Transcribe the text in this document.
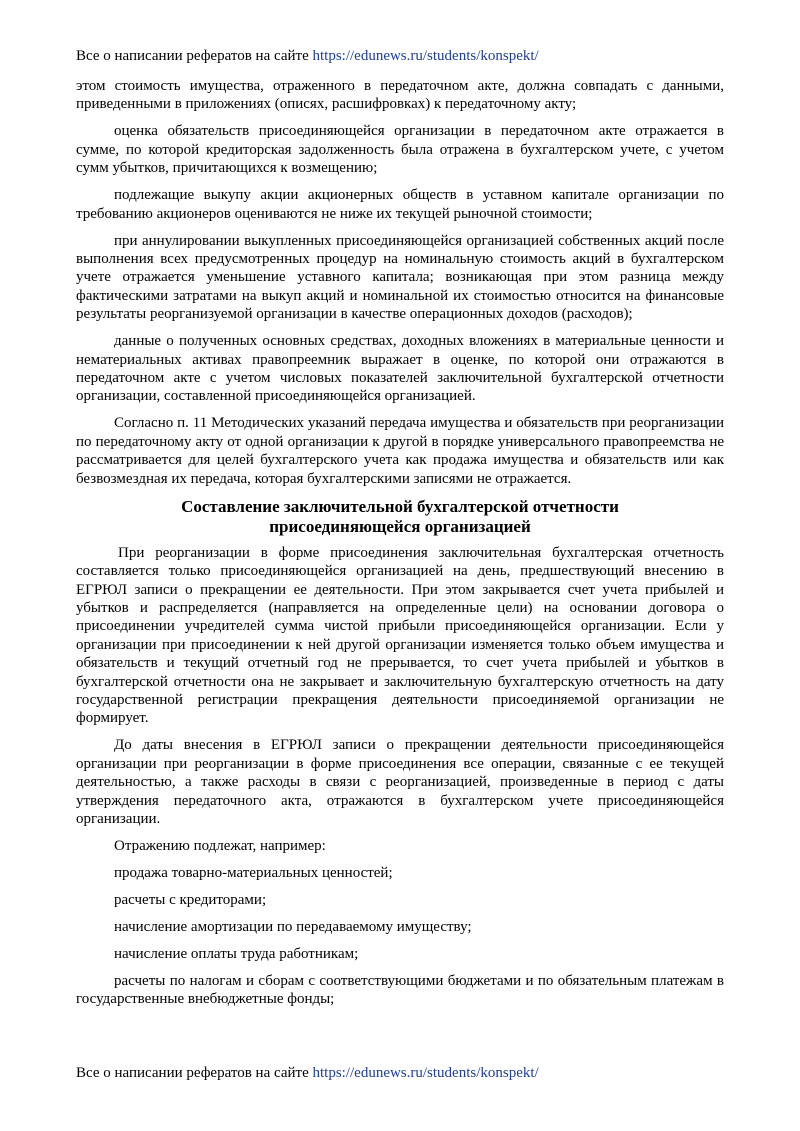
Все о написании рефератов на сайте https://edunews.ru/students/konspekt/

этом стоимость имущества, отраженного в передаточном акте, должна совпадать с данными, приведенными в приложениях (описях, расшифровках) к передаточному акту;

оценка обязательств присоединяющейся организации в передаточном акте отражается в сумме, по которой кредиторская задолженность была отражена в бухгалтерском учете, с учетом сумм убытков, причитающихся к возмещению;

подлежащие выкупу акции акционерных обществ в уставном капитале организации по требованию акционеров оцениваются не ниже их текущей рыночной стоимости;

при аннулировании выкупленных присоединяющейся организацией собственных акций после выполнения всех предусмотренных процедур на номинальную стоимость акций в бухгалтерском учете отражается уменьшение уставного капитала; возникающая при этом разница между фактическими затратами на выкуп акций и номинальной их стоимостью относится на финансовые результаты реорганизуемой организации в качестве операционных доходов (расходов);

данные о полученных основных средствах, доходных вложениях в материальные ценности и нематериальных активах правопреемник выражает в оценке, по которой они отражаются в передаточном акте с учетом числовых показателей заключительной бухгалтерской отчетности организации, составленной присоединяющейся организацией.

Согласно п. 11 Методических указаний передача имущества и обязательств при реорганизации по передаточному акту от одной организации к другой в порядке универсального правопреемства не рассматривается для целей бухгалтерского учета как продажа имущества и обязательств или как безвозмездная их передача, которая бухгалтерскими записями не отражается.

Составление заключительной бухгалтерской отчетности
присоединяющейся организацией

При реорганизации в форме присоединения заключительная бухгалтерская отчетность составляется только присоединяющейся организацией на день, предшествующий внесению в ЕГРЮЛ записи о прекращении ее деятельности. При этом закрывается счет учета прибылей и убытков и распределяется (направляется на определенные цели) на основании договора о присоединении учредителей сумма чистой прибыли присоединяющейся организации. Если у организации при присоединении к ней другой организации изменяется только объем имущества и обязательств и текущий отчетный год не прерывается, то счет учета прибылей и убытков в бухгалтерской отчетности она не закрывает и заключительную бухгалтерскую отчетность на дату государственной регистрации прекращения деятельности присоединяемой организации не формирует.

До даты внесения в ЕГРЮЛ записи о прекращении деятельности присоединяющейся организации при реорганизации в форме присоединения все операции, связанные с ее текущей деятельностью, а также расходы в связи с реорганизацией, произведенные в период с даты утверждения передаточного акта, отражаются в бухгалтерском учете присоединяющейся организации.

Отражению подлежат, например:

продажа товарно-материальных ценностей;

расчеты с кредиторами;

начисление амортизации по передаваемому имуществу;

начисление оплаты труда работникам;

расчеты по налогам и сборам с соответствующими бюджетами и по обязательным платежам в государственные внебюджетные фонды;

Все о написании рефератов на сайте https://edunews.ru/students/konspekt/
